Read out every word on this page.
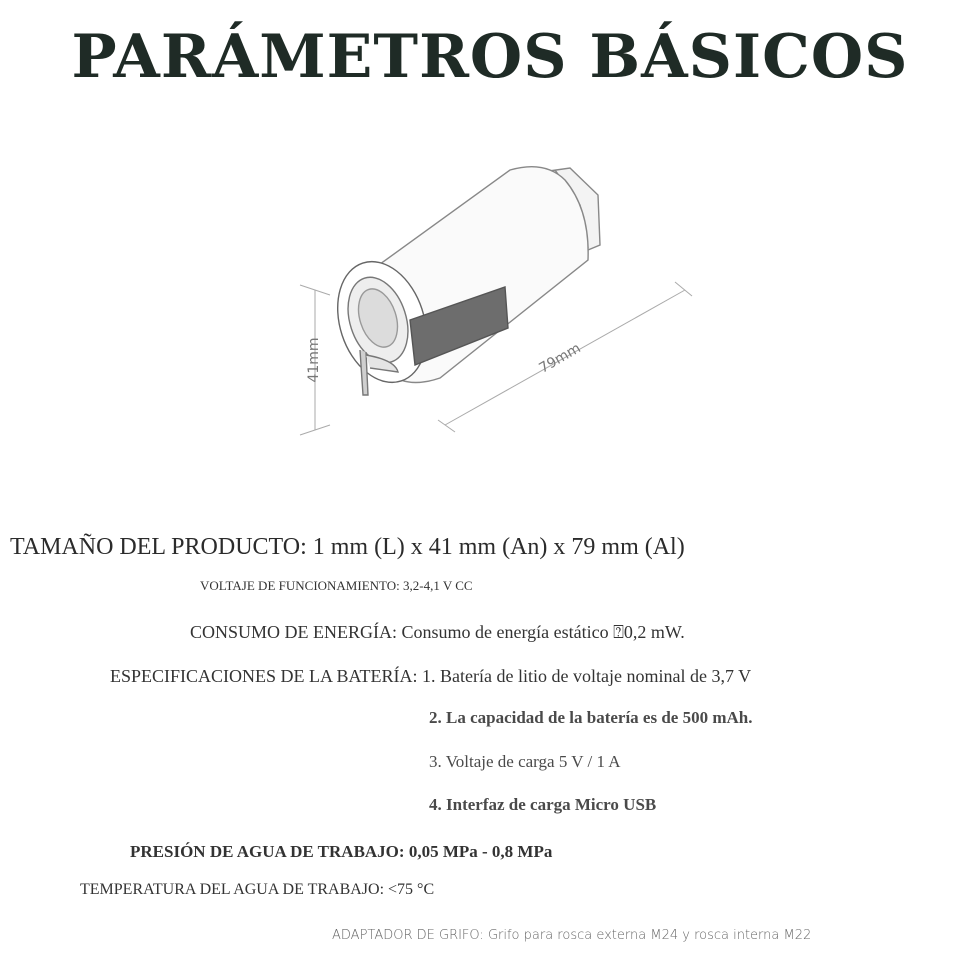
PARÁMETROS BÁSICOS
41mm	79mm
TAMAÑO DEL PRODUCTO: 1 mm (L) x 41 mm (An) x 79 mm (Al)
VOLTAJE DE FUNCIONAMIENTO: 3,2-4,1 V CC
CONSUMO DE ENERGÍA: Consumo de energía estático ⍰0,2 mW.
ESPECIFICACIONES DE LA BATERÍA: 1. Batería de litio de voltaje nominal de 3,7 V
2. La capacidad de la batería es de 500 mAh.
3. Voltaje de carga 5 V / 1 A
4. Interfaz de carga Micro USB
PRESIÓN DE AGUA DE TRABAJO: 0,05 MPa - 0,8 MPa
TEMPERATURA DEL AGUA DE TRABAJO: <75 °C
ADAPTADOR DE GRIFO: Grifo para rosca externa M24 y rosca interna M22
